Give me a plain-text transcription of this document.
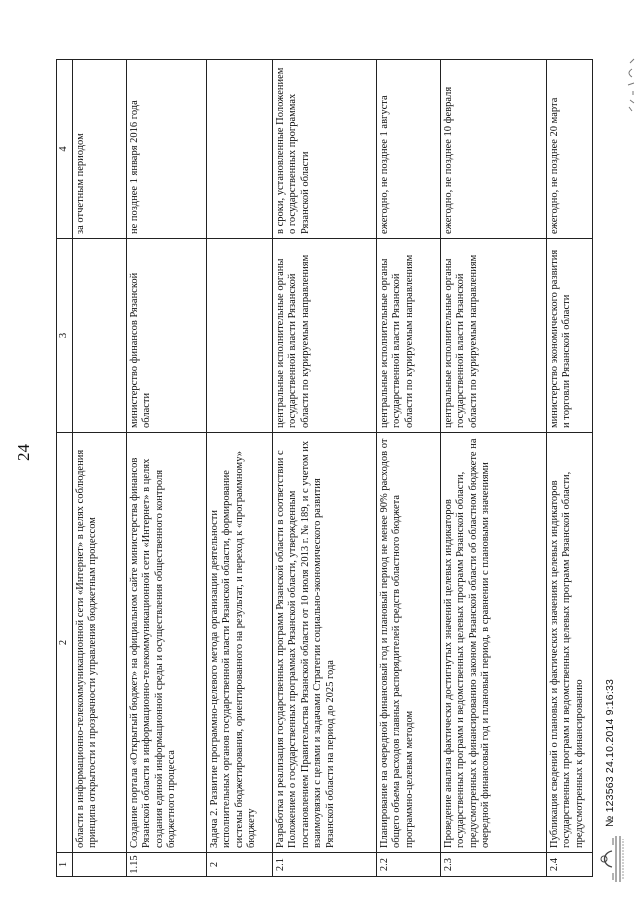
24
1	2	3	4
	области в информационно-телекоммуникационной сети «Интернет» в целях соблюдения принципа открытости и прозрачности управления бюджетным процессом		за отчетным периодом
1.15	Создание портала «Открытый бюджет» на официальном сайте министерства финансов Рязанской области в информационно-телекоммуникационной сети «Интернет» в целях создания единой информационной среды и осуществления общественного контроля бюджетного процесса	министерство финансов Рязанской области	не позднее 1 января 2016 года
2	Задача 2. Развитие программно-целевого метода организации деятельности исполнительных органов государственной власти Рязанской области, формирование системы бюджетирования, ориентированного на результат, и переход к «программному» бюджету		
2.1	Разработка и реализация государственных программ Рязанской области в соответствии с Положением о государственных программах Рязанской области, утвержденным постановлением Правительства Рязанской области от 10 июля 2013 г. № 189, и с учетом их взаимоувязки с целями и задачами Стратегии социально-экономического развития Рязанской области на период до 2025 года	центральные исполнительные органы государственной власти Рязанской области по курируемым направлениям	в сроки, установленные Положением о государственных программах Рязанской области
2.2	Планирование на очередной финансовый год и плановый период не менее 90% расходов от общего объема расходов главных распорядителей средств областного бюджета программно-целевым методом	центральные исполнительные органы государственной власти Рязанской области по курируемым направлениям	ежегодно, не позднее 1 августа
2.3	Проведение анализа фактически достигнутых значений целевых индикаторов государственных программ и ведомственных целевых программ Рязанской области, предусмотренных к финансированию законом Рязанской области об областном бюджете на очередной финансовый год и плановый период, в сравнении с плановыми значениями	центральные исполнительные органы государственной власти Рязанской области по курируемым направлениям	ежегодно, не позднее 10 февраля
2.4	Публикация сведений о плановых и фактических значениях целевых индикаторов государственных программ и ведомственных целевых программ Рязанской области, предусмотренных к финансированию	министерство экономического развития и торговли Рязанской области	ежегодно, не позднее 20 марта
№ 123563 24.10.2014 9:16:33
